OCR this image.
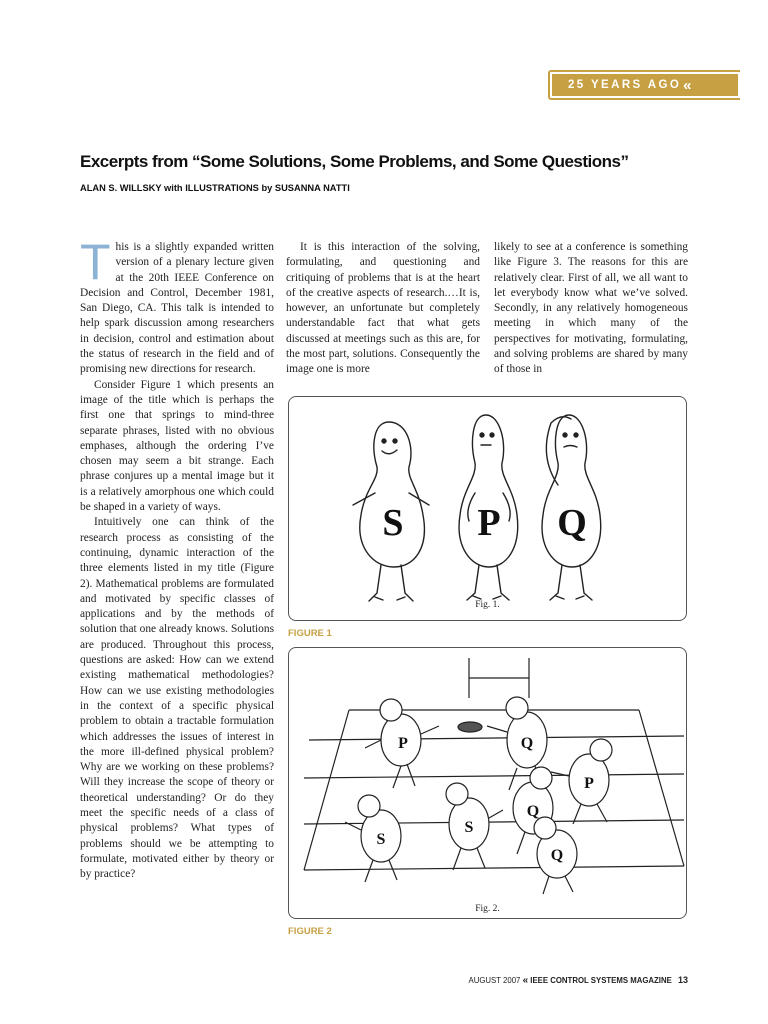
25 YEARS AGO «
Excerpts from “Some Solutions, Some Problems, and Some Questions”
ALAN S. WILLSKY with ILLUSTRATIONS by SUSANNA NATTI

This is a slightly expanded written version of a plenary lecture given at the 20th IEEE Conference on Decision and Control, December 1981, San Diego, CA. This talk is intended to help spark discussion among researchers in decision, control and estimation about the status of research in the field and of promising new directions for research.

Consider Figure 1 which presents an image of the title which is perhaps the first one that springs to mind-three separate phrases, listed with no obvious emphases, although the ordering I’ve chosen may seem a bit strange. Each phrase conjures up a mental image but it is a relatively amorphous one which could be shaped in a variety of ways.

Intuitively one can think of the research process as consisting of the continuing, dynamic interaction of the three elements listed in my title (Figure 2). Mathematical problems are formulated and motivated by specific classes of applications and by the methods of solution that one already knows. Solutions are produced. Throughout this process, questions are asked: How can we extend existing mathematical methodologies? How can we use existing methodologies in the context of a specific physical problem to obtain a tractable formulation which addresses the issues of interest in the more ill-defined physical problem? Why are we working on these problems? Will they increase the scope of theory or theoretical understanding? Or do they meet the specific needs of a class of physical problems? What types of problems should we be attempting to formulate, motivated either by theory or by practice?

It is this interaction of the solving, formulating, and questioning and critiquing of problems that is at the heart of the creative aspects of research.…It is, however, an unfortunate but completely understandable fact that what gets discussed at meetings such as this are, for the most part, solutions. Consequently the image one is more

likely to see at a conference is something like Figure 3. The reasons for this are relatively clear. First of all, we all want to let everybody know what we’ve solved. Secondly, in any relatively homogeneous meeting in which many of the perspectives for motivating, formulating, and solving problems are shared by many of those in

S P Q
Fig. 1.
FIGURE 1
P	Q
Q
P
S
S
Q
Fig. 2.
FIGURE 2
AUGUST 2007 « IEEE CONTROL SYSTEMS MAGAZINE 13
